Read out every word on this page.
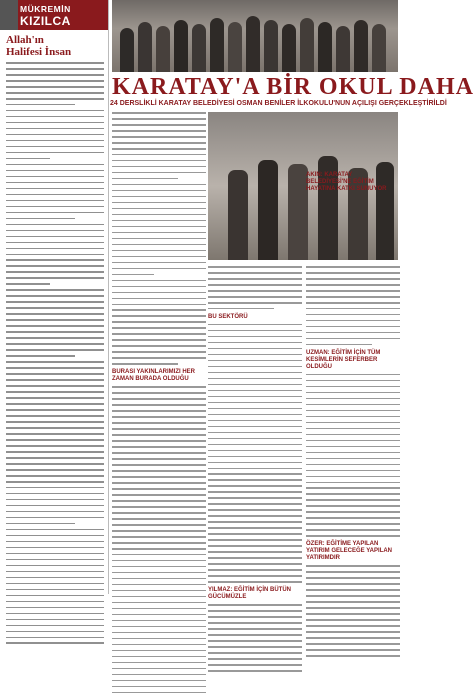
MÜKREMİN
KIZILCA
Allah'ın
Halifesi İnsan
KARATAY'A BİR OKUL DAHA
24 DERSLİKLİ KARATAY BELEDİYESİ OSMAN BENİLER İLKOKULU'NUN AÇILIŞI GERÇEKLEŞTİRİLDİ
BURASI YAKINLARIMIZI HER ZAMAN BURADA OLDUĞU
BU SEKTÖRÜ
YILMAZ: EĞİTİM İÇİN BÜTÜN GÜCÜMÜZLE
UZMAN: EĞİTİM İÇİN TÜM KESİMLERİN SEFERBER OLDUĞU
ÖZER: EĞİTİME YAPILAN YATIRIM GELECEĞE YAPILAN YATIRIMDIR
AKIN: KARATAY BELEDİYESİ'NE EĞİTİM HAYATINA KATKI SUNUYOR
